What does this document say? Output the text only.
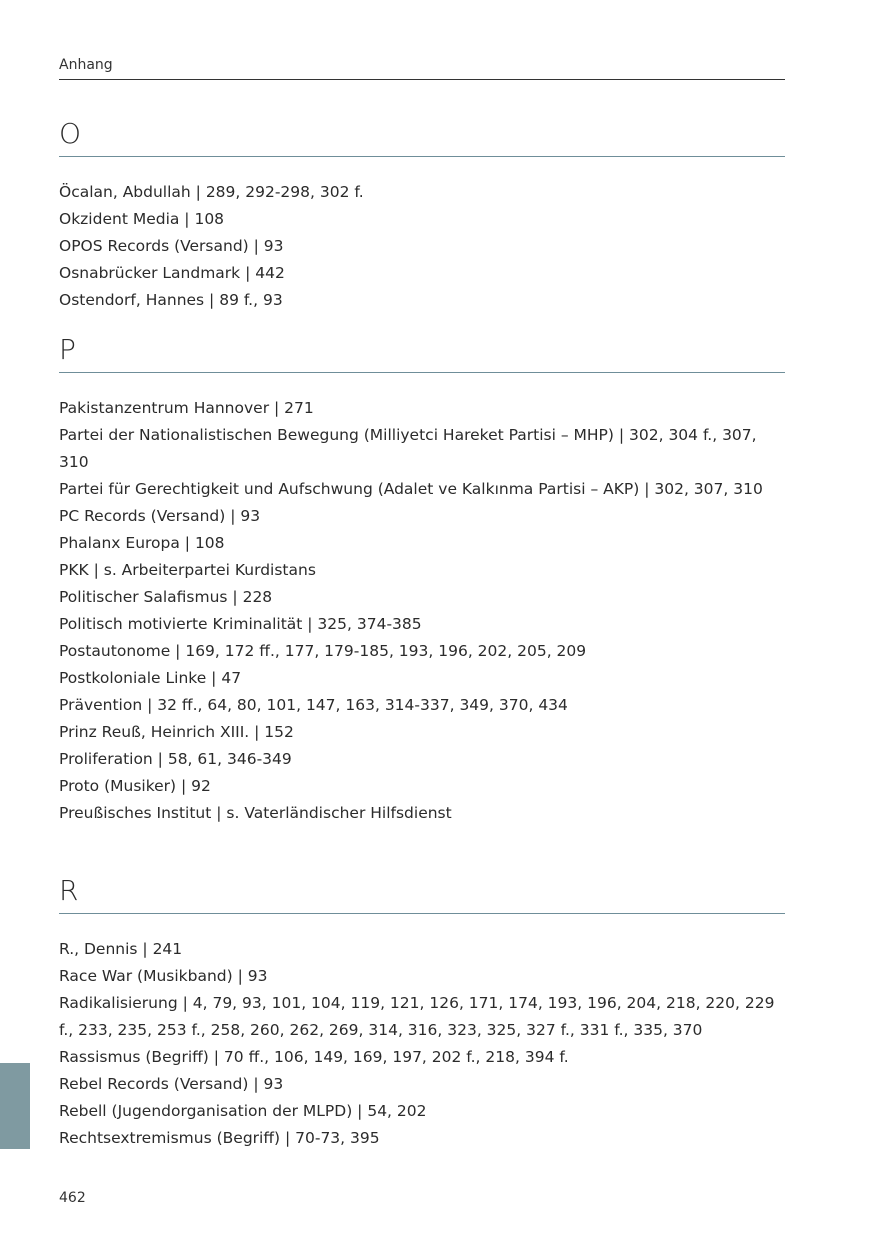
Anhang
O
Öcalan, Abdullah | 289, 292-298, 302 f.
Okzident Media | 108
OPOS Records (Versand) | 93
Osnabrücker Landmark | 442
Ostendorf, Hannes | 89 f., 93
P
Pakistanzentrum Hannover | 271
Partei der Nationalistischen Bewegung (Milliyetci Hareket Partisi – MHP) | 302, 304 f., 307, 310
Partei für Gerechtigkeit und Aufschwung (Adalet ve Kalkınma Partisi – AKP) | 302, 307, 310
PC Records (Versand) | 93
Phalanx Europa | 108
PKK | s. Arbeiterpartei Kurdistans
Politischer Salafismus | 228
Politisch motivierte Kriminalität | 325, 374-385
Postautonome | 169, 172 ff., 177, 179-185, 193, 196, 202, 205, 209
Postkoloniale Linke | 47
Prävention | 32 ff., 64, 80, 101, 147, 163, 314-337, 349, 370, 434
Prinz Reuß, Heinrich XIII. | 152
Proliferation | 58, 61, 346-349
Proto (Musiker) | 92
Preußisches Institut | s. Vaterländischer Hilfsdienst
R
R., Dennis | 241
Race War (Musikband) | 93
Radikalisierung | 4, 79, 93, 101, 104, 119, 121, 126, 171, 174, 193, 196, 204, 218, 220, 229 f., 233, 235, 253 f., 258, 260, 262, 269, 314, 316, 323, 325, 327 f., 331 f., 335, 370
Rassismus (Begriff) | 70 ff., 106, 149, 169, 197, 202 f., 218, 394 f.
Rebel Records (Versand) | 93
Rebell (Jugendorganisation der MLPD) | 54, 202
Rechtsextremismus (Begriff) | 70-73, 395
462
